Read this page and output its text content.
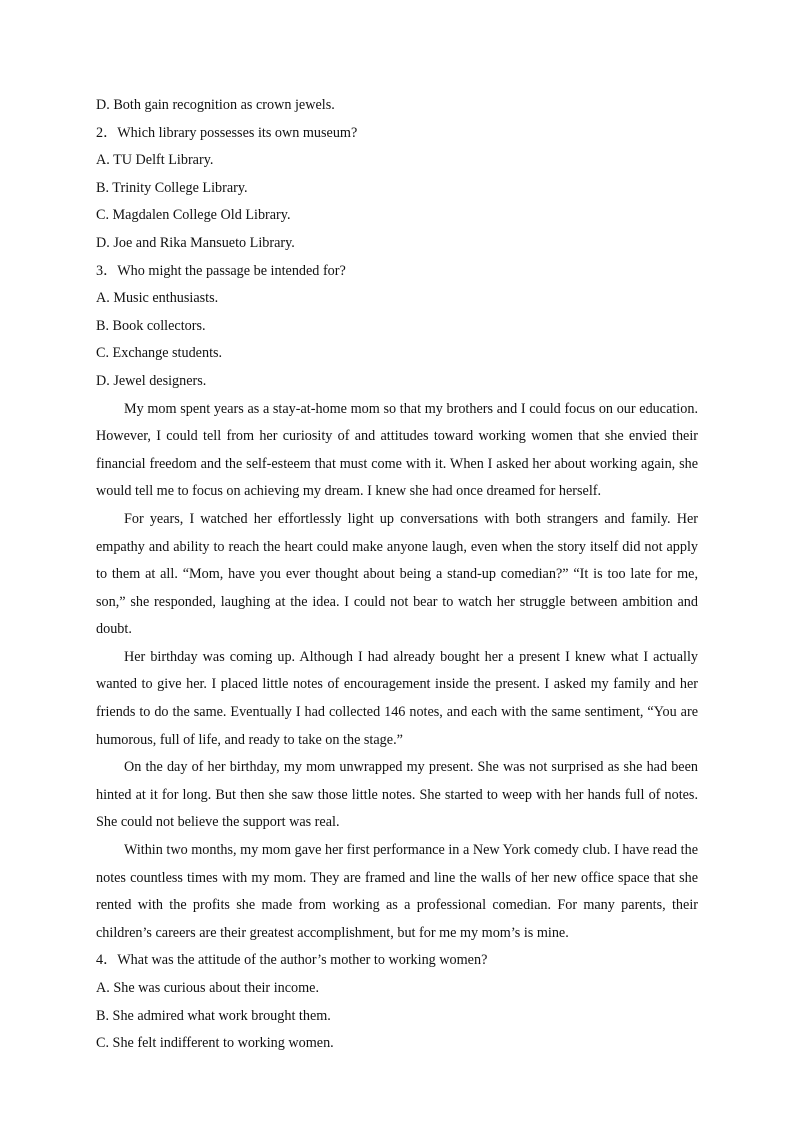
D. Both gain recognition as crown jewels.

2．Which library possesses its own museum?

A. TU Delft Library.

B. Trinity College Library.

C. Magdalen College Old Library.

D. Joe and Rika Mansueto Library.

3．Who might the passage be intended for?

A. Music enthusiasts.

B. Book collectors.

C. Exchange students.

D. Jewel designers.

My mom spent years as a stay-at-home mom so that my brothers and I could focus on our education. However, I could tell from her curiosity of and attitudes toward working women that she envied their financial freedom and the self-esteem that must come with it. When I asked her about working again, she would tell me to focus on achieving my dream. I knew she had once dreamed for herself.

For years, I watched her effortlessly light up conversations with both strangers and family. Her empathy and ability to reach the heart could make anyone laugh, even when the story itself did not apply to them at all. “Mom, have you ever thought about being a stand-up comedian?” “It is too late for me, son,” she responded, laughing at the idea. I could not bear to watch her struggle between ambition and doubt.

Her birthday was coming up. Although I had already bought her a present I knew what I actually wanted to give her. I placed little notes of encouragement inside the present. I asked my family and her friends to do the same. Eventually I had collected 146 notes, and each with the same sentiment, “You are humorous, full of life, and ready to take on the stage.”

On the day of her birthday, my mom unwrapped my present. She was not surprised as she had been hinted at it for long. But then she saw those little notes. She started to weep with her hands full of notes. She could not believe the support was real.

Within two months, my mom gave her first performance in a New York comedy club. I have read the notes countless times with my mom. They are framed and line the walls of her new office space that she rented with the profits she made from working as a professional comedian. For many parents, their children’s careers are their greatest accomplishment, but for me my mom’s is mine.

4．What was the attitude of the author’s mother to working women?

A. She was curious about their income.

B. She admired what work brought them.

C. She felt indifferent to working women.
